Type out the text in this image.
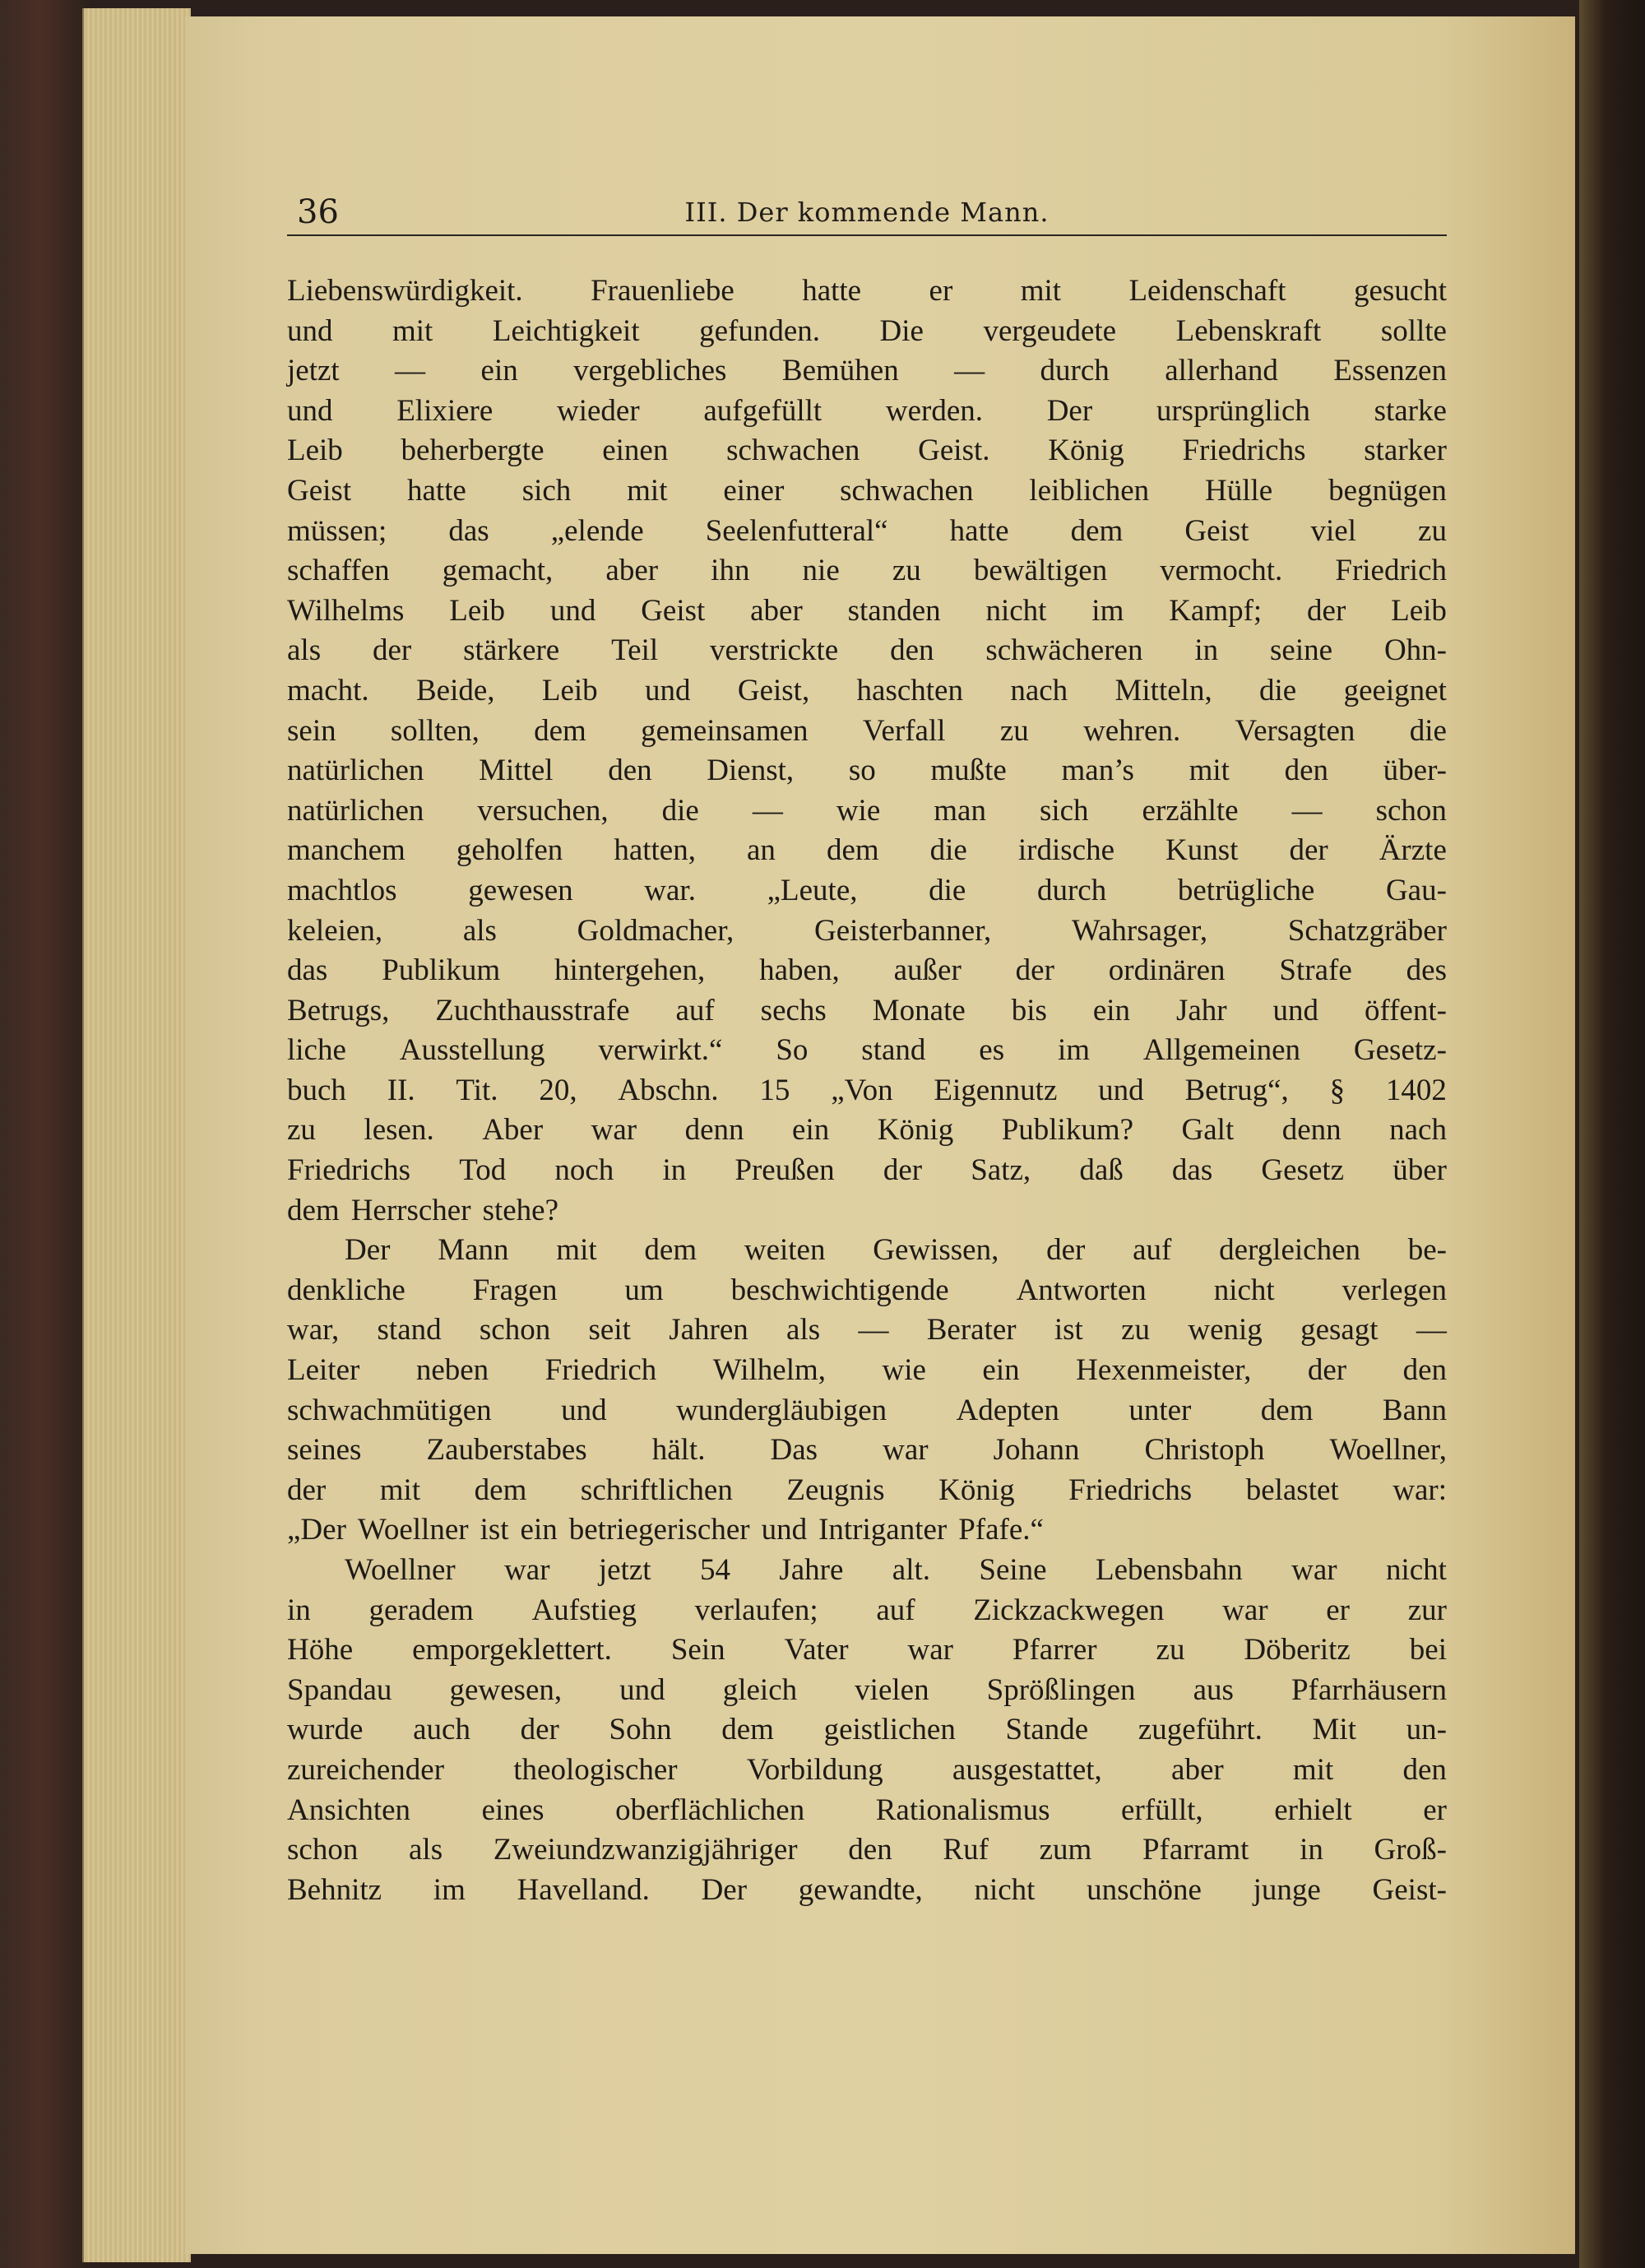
36	III. Der kommende Mann.
Liebenswürdigkeit. Frauenliebe hatte er mit Leidenschaft gesucht
und mit Leichtigkeit gefunden. Die vergeudete Lebenskraft sollte
jetzt — ein vergebliches Bemühen — durch allerhand Essenzen
und Elixiere wieder aufgefüllt werden. Der ursprünglich starke
Leib beherbergte einen schwachen Geist. König Friedrichs starker
Geist hatte sich mit einer schwachen leiblichen Hülle begnügen
müssen; das „elende Seelenfutteral“ hatte dem Geist viel zu
schaffen gemacht, aber ihn nie zu bewältigen vermocht. Friedrich
Wilhelms Leib und Geist aber standen nicht im Kampf; der Leib
als der stärkere Teil verstrickte den schwächeren in seine Ohn-
macht. Beide, Leib und Geist, haschten nach Mitteln, die geeignet
sein sollten, dem gemeinsamen Verfall zu wehren. Versagten die
natürlichen Mittel den Dienst, so mußte man’s mit den über-
natürlichen versuchen, die — wie man sich erzählte — schon
manchem geholfen hatten, an dem die irdische Kunst der Ärzte
machtlos gewesen war. „Leute, die durch betrügliche Gau-
keleien,	als	Goldmacher,	Geisterbanner,	Wahrsager,	Schatzgräber
das Publikum hintergehen, haben, außer der ordinären Strafe des
Betrugs, Zuchthausstrafe auf sechs Monate bis ein Jahr und öffent-
liche Ausstellung verwirkt.“ So stand es im Allgemeinen Gesetz-
buch II. Tit. 20, Abschn. 15 „Von Eigennutz und Betrug“, § 1402
zu lesen. Aber war denn ein König Publikum? Galt denn nach
Friedrichs Tod noch in Preußen der Satz, daß das Gesetz über
dem Herrscher stehe?
Der Mann mit dem weiten Gewissen, der auf dergleichen be-
denkliche Fragen um beschwichtigende Antworten nicht verlegen
war, stand schon seit Jahren als — Berater ist zu wenig gesagt —
Leiter neben Friedrich Wilhelm, wie ein Hexenmeister, der den
schwachmütigen und wundergläubigen Adepten unter dem Bann
seines Zauberstabes hält. Das war Johann Christoph Woellner,
der mit dem schriftlichen Zeugnis König Friedrichs belastet war:
„Der Woellner ist ein betriegerischer und Intriganter Pfafe.“
Woellner war jetzt 54 Jahre alt. Seine Lebensbahn war nicht
in geradem Aufstieg verlaufen; auf Zickzackwegen war er zur
Höhe emporgeklettert. Sein Vater war Pfarrer zu Döberitz bei
Spandau gewesen, und gleich vielen Sprößlingen aus Pfarrhäusern
wurde auch der Sohn dem geistlichen Stande zugeführt. Mit un-
zureichender theologischer Vorbildung ausgestattet, aber mit den
Ansichten eines oberflächlichen Rationalismus erfüllt, erhielt er
schon als Zweiundzwanzigjähriger den Ruf zum Pfarramt in Groß-
Behnitz im Havelland. Der gewandte, nicht unschöne junge Geist-
